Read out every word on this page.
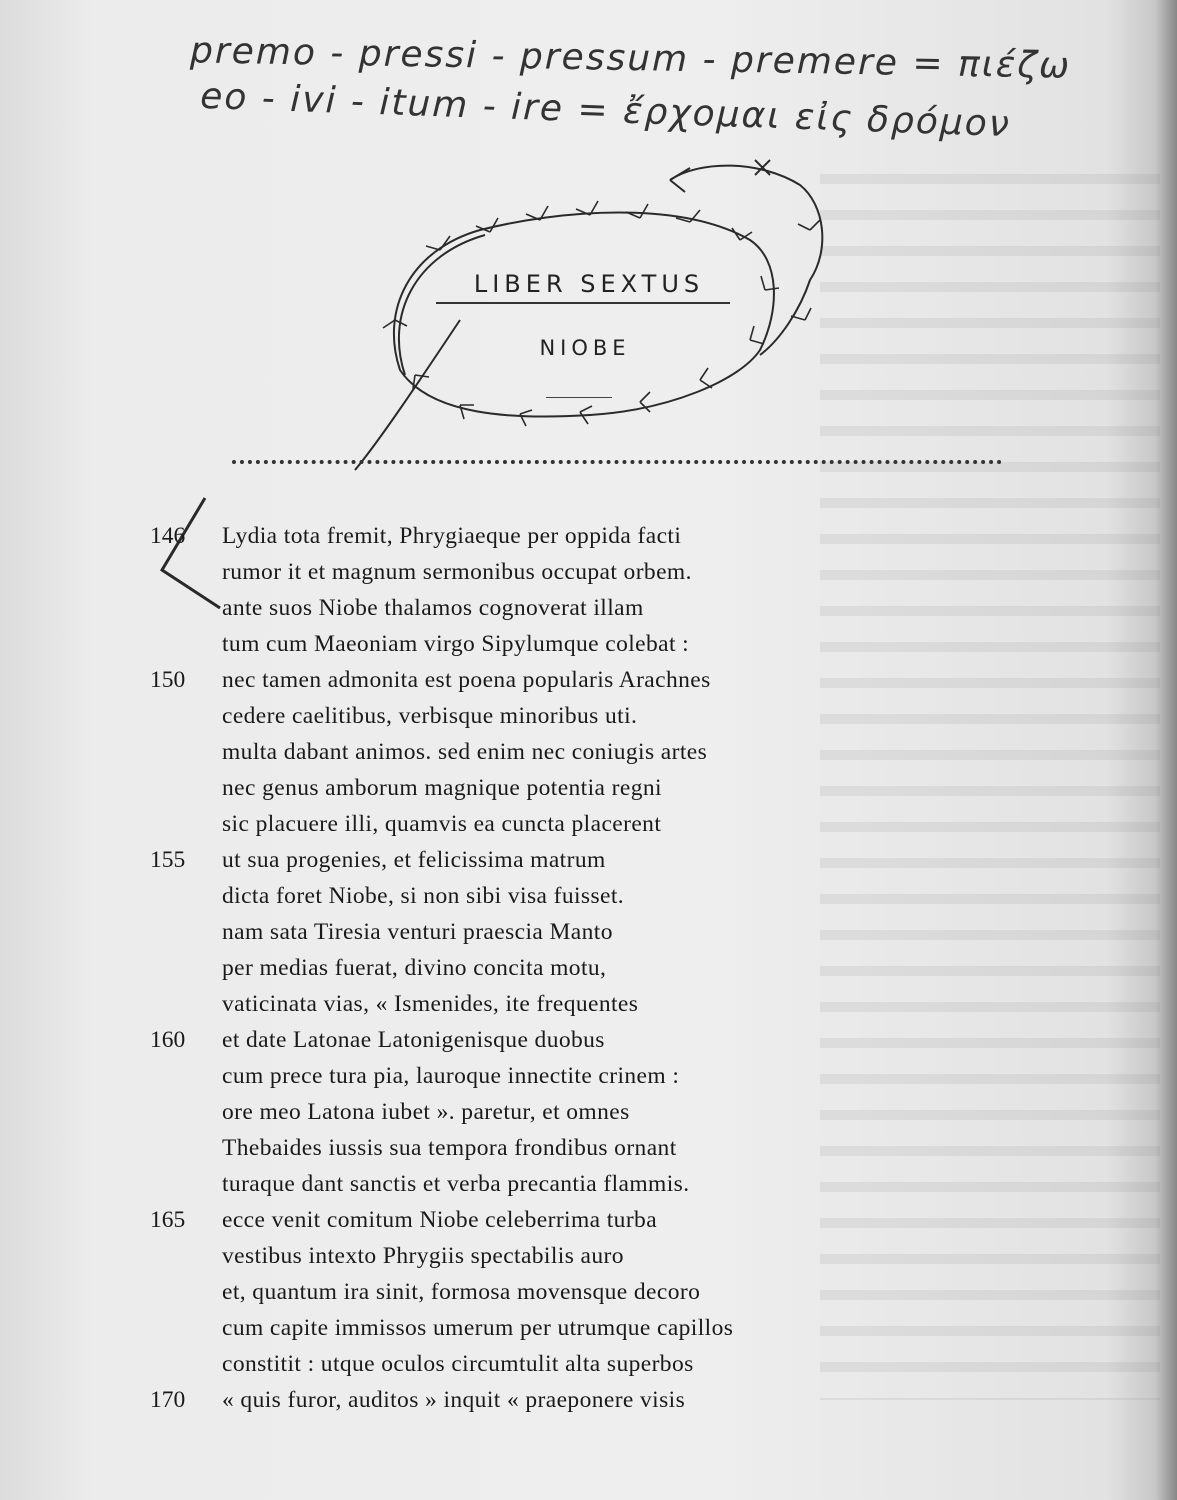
premo - pressi - pressum - premere = πιέζω
eo - ivi - itum - ire = ἔρχομαι εἰς δρόμον
LIBER SEXTUS
NIOBE
146	Lydia tota fremit, Phrygiaeque per oppida facti
rumor it et magnum sermonibus occupat orbem.
ante suos Niobe thalamos cognoverat illam
tum cum Maeoniam virgo Sipylumque colebat :
150	nec tamen admonita est poena popularis Arachnes
cedere caelitibus, verbisque minoribus uti.
multa dabant animos. sed enim nec coniugis artes
nec genus amborum magnique potentia regni
sic placuere illi, quamvis ea cuncta placerent
155	ut sua progenies, et felicissima matrum
dicta foret Niobe, si non sibi visa fuisset.
nam sata Tiresia venturi praescia Manto
per medias fuerat, divino concita motu,
vaticinata vias, « Ismenides, ite frequentes
160	et date Latonae Latonigenisque duobus
cum prece tura pia, lauroque innectite crinem :
ore meo Latona iubet ». paretur, et omnes
Thebaides iussis sua tempora frondibus ornant
turaque dant sanctis et verba precantia flammis.
165	ecce venit comitum Niobe celeberrima turba
vestibus intexto Phrygiis spectabilis auro
et, quantum ira sinit, formosa movensque decoro
cum capite immissos umerum per utrumque capillos
constitit : utque oculos circumtulit alta superbos
170	« quis furor, auditos » inquit « praeponere visis
